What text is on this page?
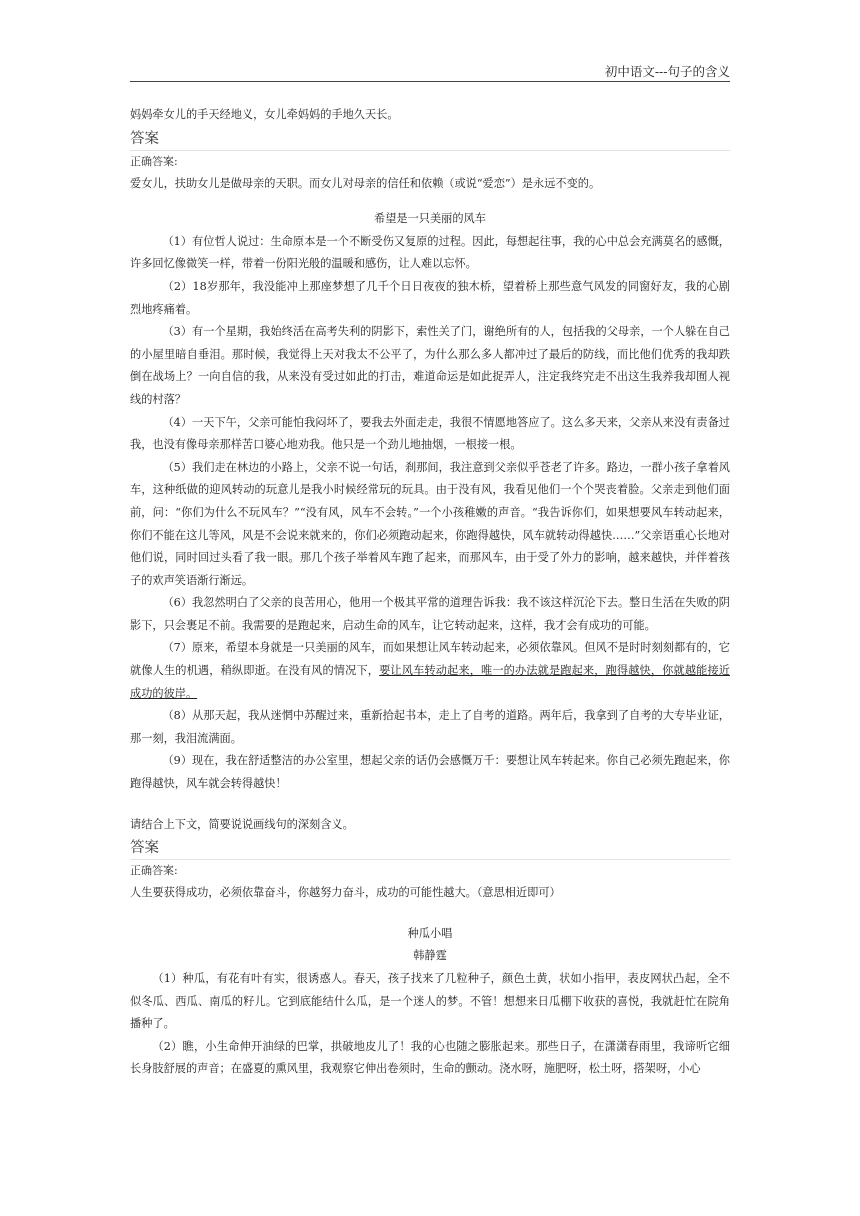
初中语文---句子的含义
妈妈牵女儿的手天经地义，女儿牵妈妈的手地久天长。
答案
正确答案:
爱女儿，扶助女儿是做母亲的天职。而女儿对母亲的信任和依赖（或说“爱恋”）是永远不变的。
希望是一只美丽的风车

（1）有位哲人说过：生命原本是一个不断受伤又复原的过程。因此，每想起往事，我的心中总会充满莫名的感慨，许多回忆像微笑一样，带着一份阳光般的温暖和感伤，让人难以忘怀。

（2）18岁那年，我没能冲上那座梦想了几千个日日夜夜的独木桥，望着桥上那些意气风发的同窗好友，我的心剧烈地疼痛着。

（3）有一个星期，我始终活在高考失利的阴影下，索性关了门，谢绝所有的人，包括我的父母亲，一个人躲在自己的小屋里暗自垂泪。那时候，我觉得上天对我太不公平了，为什么那么多人都冲过了最后的防线，而比他们优秀的我却跌倒在战场上？一向自信的我，从来没有受过如此的打击，难道命运是如此捉弄人，注定我终究走不出这生我养我却囿人视线的村落？

（4）一天下午，父亲可能怕我闷坏了，要我去外面走走，我很不情愿地答应了。这么多天来，父亲从来没有责备过我，也没有像母亲那样苦口婆心地劝我。他只是一个劲儿地抽烟，一根接一根。

（5）我们走在林边的小路上，父亲不说一句话，刹那间，我注意到父亲似乎苍老了许多。路边，一群小孩子拿着风车，这种纸做的迎风转动的玩意儿是我小时候经常玩的玩具。由于没有风，我看见他们一个个哭丧着脸。父亲走到他们面前，问：“你们为什么不玩风车？”“没有风，风车不会转。”一个小孩稚嫩的声音。“我告诉你们，如果想要风车转动起来，你们不能在这儿等风，风是不会说来就来的，你们必须跑动起来，你跑得越快，风车就转动得越快……”父亲语重心长地对他们说，同时回过头看了我一眼。那几个孩子举着风车跑了起来，而那风车，由于受了外力的影响，越来越快，并伴着孩子的欢声笑语渐行渐远。

（6）我忽然明白了父亲的良苦用心，他用一个极其平常的道理告诉我：我不该这样沉沦下去。整日生活在失败的阴影下，只会裹足不前。我需要的是跑起来，启动生命的风车，让它转动起来，这样，我才会有成功的可能。

（7）原来，希望本身就是一只美丽的风车，而如果想让风车转动起来，必须依靠风。但风不是时时刻刻都有的，它就像人生的机遇，稍纵即逝。在没有风的情况下，要让风车转动起来，唯一的办法就是跑起来，跑得越快，你就越能接近成功的彼岸。

（8）从那天起，我从迷惘中苏醒过来，重新拾起书本，走上了自考的道路。两年后，我拿到了自考的大专毕业证，那一刻，我泪流满面。

（9）现在，我在舒适整洁的办公室里，想起父亲的话仍会感慨万千：要想让风车转起来。你自己必须先跑起来，你跑得越快，风车就会转得越快！

请结合上下文，简要说说画线句的深刻含义。
答案
正确答案:
人生要获得成功，必须依靠奋斗，你越努力奋斗，成功的可能性越大。（意思相近即可）
种瓜小唱
韩静霆

（1）种瓜，有花有叶有实，很诱惑人。春天，孩子找来了几粒种子，颜色土黄，状如小指甲，表皮网状凸起，全不似冬瓜、西瓜、南瓜的籽儿。它到底能结什么瓜，是一个迷人的梦。不管！想想来日瓜棚下收获的喜悦，我就赶忙在院角播种了。

（2）瞧，小生命伸开油绿的巴掌，拱破地皮儿了！我的心也随之膨胀起来。那些日子，在潇潇春雨里，我谛听它细长身肢舒展的声音；在盛夏的熏风里，我观察它伸出卷须时，生命的颤动。浇水呀，施肥呀，松土呀，搭架呀，小心
